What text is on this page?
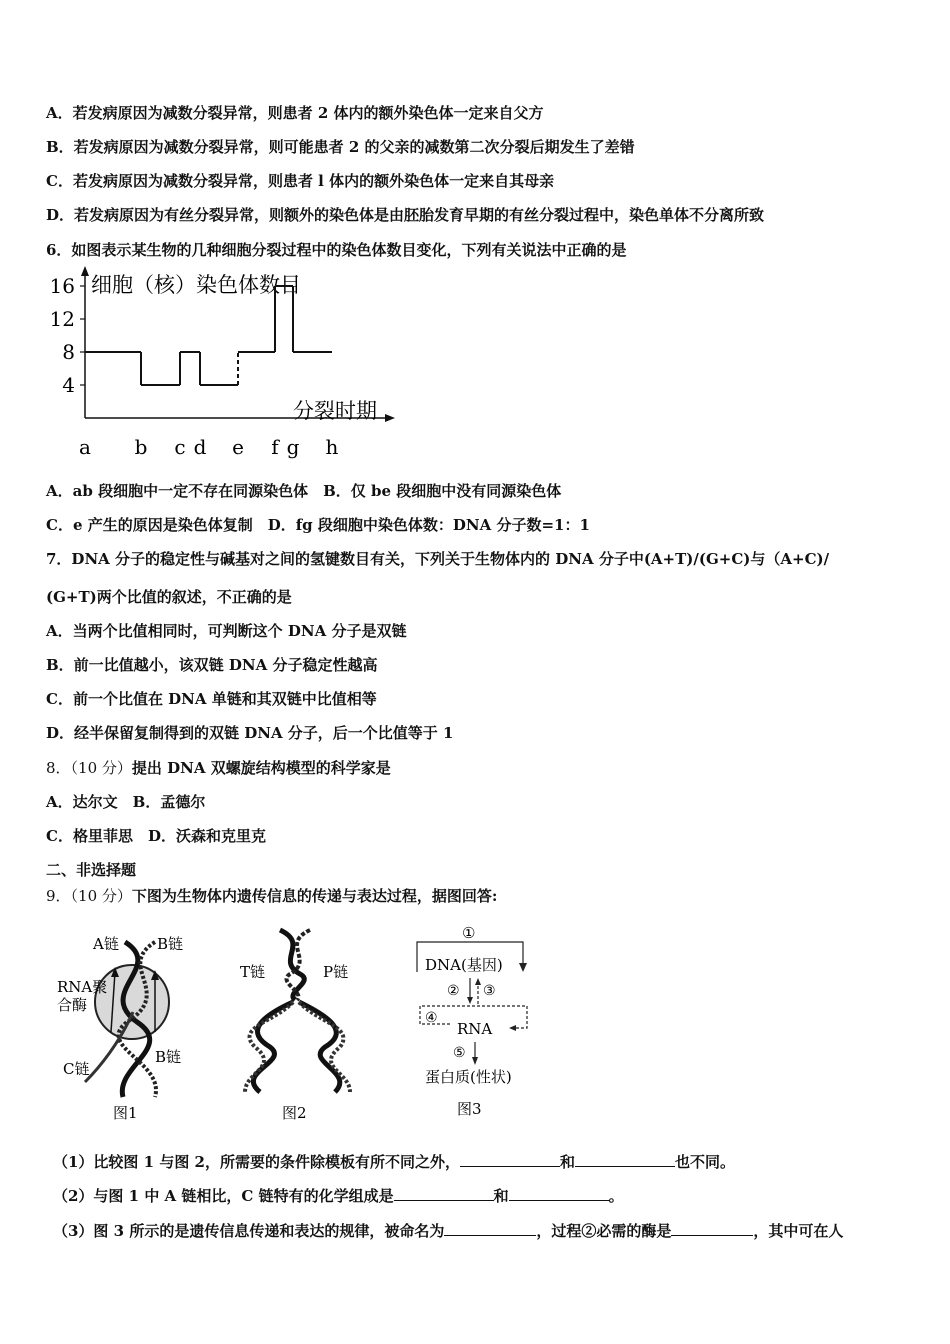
A．若发病原因为减数分裂异常，则患者 2 体内的额外染色体一定来自父方
B．若发病原因为减数分裂异常，则可能患者 2 的父亲的减数第二次分裂后期发生了差错
C．若发病原因为减数分裂异常，则患者 l 体内的额外染色体一定来自其母亲
D．若发病原因为有丝分裂异常，则额外的染色体是由胚胎发育早期的有丝分裂过程中，染色单体不分离所致
6．如图表示某生物的几种细胞分裂过程中的染色体数目变化，下列有关说法中正确的是
细胞（核）染色体数目
分裂时期
4
8
12
16
a b c d e f g h
A．ab 段细胞中一定不存在同源染色体　B．仅 be 段细胞中没有同源染色体
C．e 产生的原因是染色体复制　D．fg 段细胞中染色体数：DNA 分子数=1：1
7．DNA 分子的稳定性与碱基对之间的氢键数目有关，下列关于生物体内的 DNA 分子中(A+T)/(G+C)与（A+C)/
(G+T)两个比值的叙述，不正确的是
A．当两个比值相同时，可判断这个 DNA 分子是双链
B．前一比值越小，该双链 DNA 分子稳定性越高
C．前一个比值在 DNA 单链和其双链中比值相等
D．经半保留复制得到的双链 DNA 分子，后一个比值等于 1
8．（10 分）提出 DNA 双螺旋结构模型的科学家是
A．达尔文　B．孟德尔
C．格里菲思　D．沃森和克里克
二、非选择题
9．（10 分）下图为生物体内遗传信息的传递与表达过程，据图回答:
A链	B链
RNA聚
合酶
B链
C链
图1
T链	P链
图2
①
DNA(基因)
② ③
④
RNA
⑤
蛋白质(性状)
图3
（1）比较图 1 与图 2，所需要的条件除模板有所不同之外，	和	也不同。
（2）与图 1 中 A 链相比，C 链特有的化学组成是	和	。
（3）图 3 所示的是遗传信息传递和表达的规律，被命名为	，过程②必需的酶是	，其中可在人
